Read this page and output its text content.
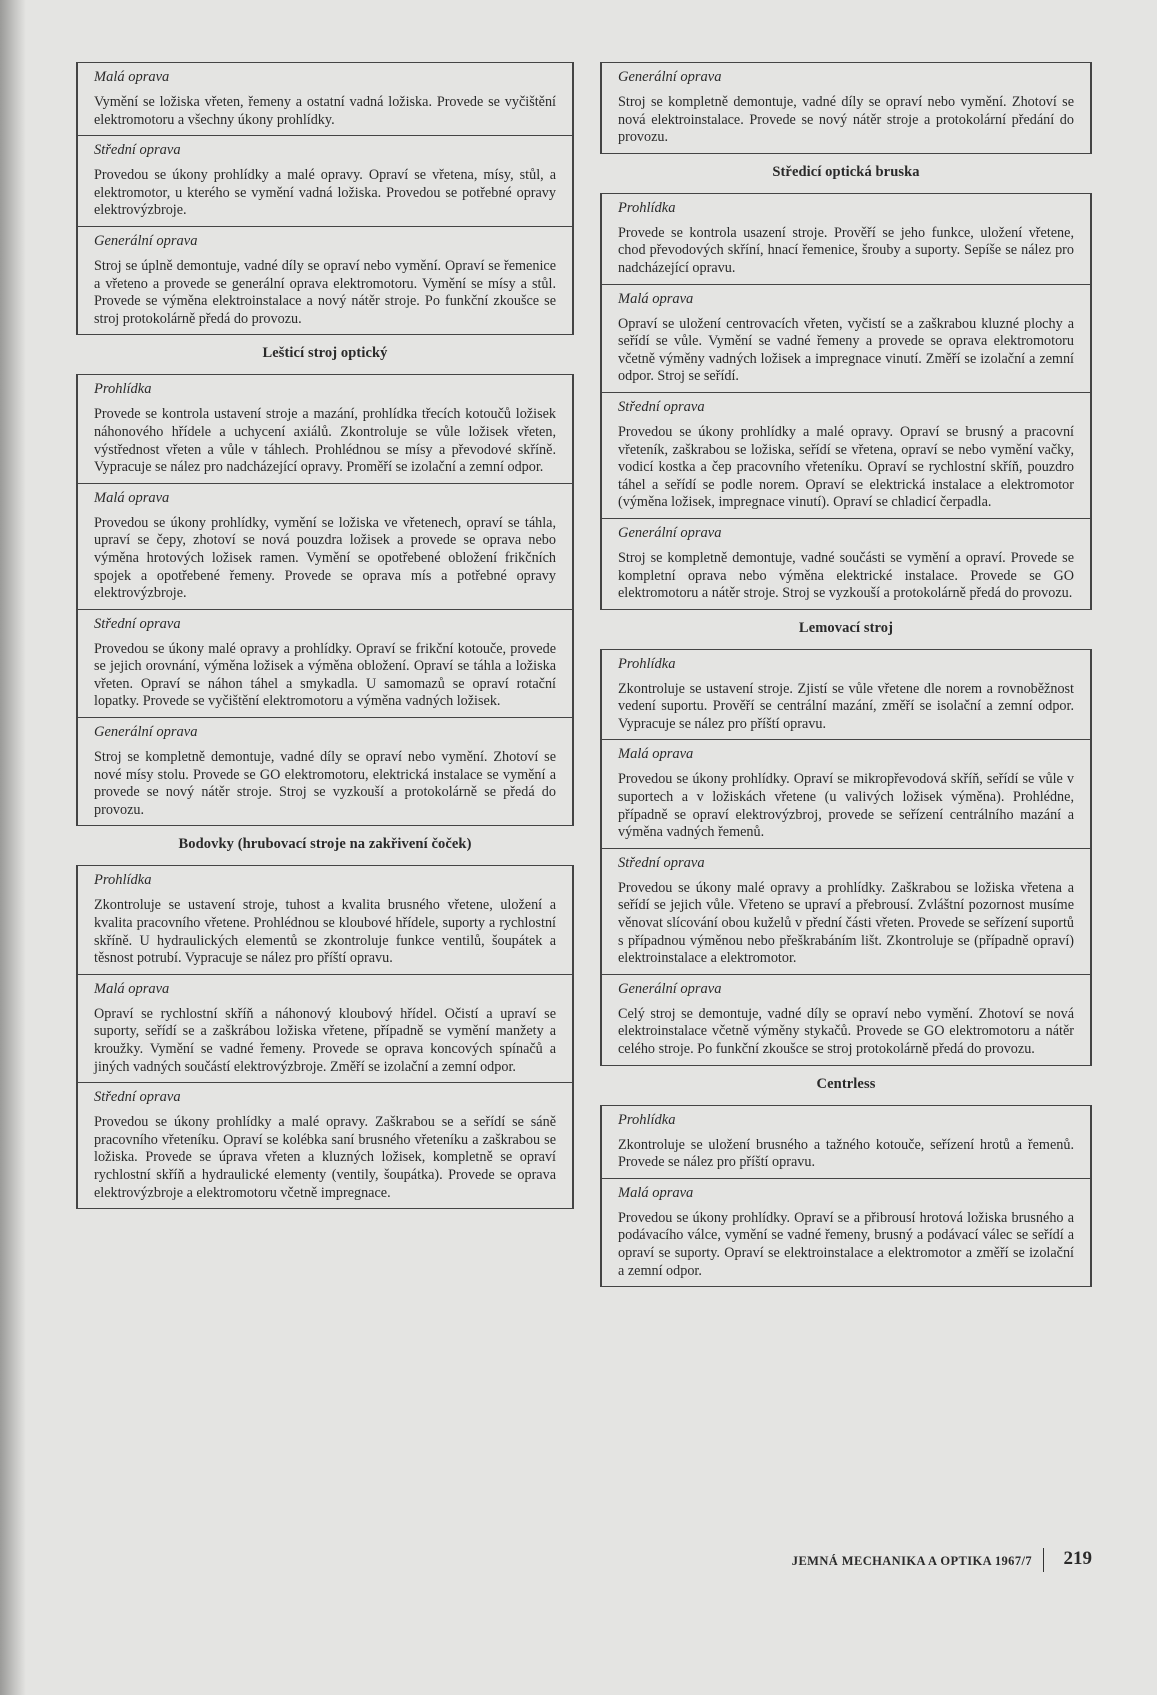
Malá oprava
Vymění se ložiska vřeten, řemeny a ostatní vadná ložiska. Provede se vyčištění elektromotoru a všechny úkony prohlídky.
Střední oprava
Provedou se úkony prohlídky a malé opravy. Opraví se vřetena, mísy, stůl, a elektromotor, u kterého se vymění vadná ložiska. Provedou se potřebné opravy elektrovýzbroje.
Generální oprava
Stroj se úplně demontuje, vadné díly se opraví nebo vymění. Opraví se řemenice a vřeteno a provede se generální oprava elektromotoru. Vymění se mísy a stůl. Provede se výměna elektroinstalace a nový nátěr stroje. Po funkční zkoušce se stroj protokolárně předá do provozu.
Lešticí stroj optický
Prohlídka
Provede se kontrola ustavení stroje a mazání, prohlídka třecích kotoučů ložisek náhonového hřídele a uchycení axiálů. Zkontroluje se vůle ložisek vřeten, výstřednost vřeten a vůle v táhlech. Prohlédnou se mísy a převodové skříně. Vypracuje se nález pro nadcházející opravy. Proměří se izolační a zemní odpor.
Malá oprava
Provedou se úkony prohlídky, vymění se ložiska ve vřetenech, opraví se táhla, upraví se čepy, zhotoví se nová pouzdra ložisek a provede se oprava nebo výměna hrotových ložisek ramen. Vymění se opotřebené obložení frikčních spojek a opotřebené řemeny. Provede se oprava mís a potřebné opravy elektrovýzbroje.
Střední oprava
Provedou se úkony malé opravy a prohlídky. Opraví se frikční kotouče, provede se jejich orovnání, výměna ložisek a výměna obložení. Opraví se táhla a ložiska vřeten. Opraví se náhon táhel a smykadla. U samomazů se opraví rotační lopatky. Provede se vyčištění elektromotoru a výměna vadných ložisek.
Generální oprava
Stroj se kompletně demontuje, vadné díly se opraví nebo vymění. Zhotoví se nové mísy stolu. Provede se GO elektromotoru, elektrická instalace se vymění a provede se nový nátěr stroje. Stroj se vyzkouší a protokolárně se předá do provozu.
Bodovky (hrubovací stroje na zakřivení čoček)
Prohlídka
Zkontroluje se ustavení stroje, tuhost a kvalita brusného vřetene, uložení a kvalita pracovního vřetene. Prohlédnou se kloubové hřídele, suporty a rychlostní skříně. U hydraulických elementů se zkontroluje funkce ventilů, šoupátek a těsnost potrubí. Vypracuje se nález pro příští opravu.
Malá oprava
Opraví se rychlostní skříň a náhonový kloubový hřídel. Očistí a upraví se suporty, seřídí se a zaškrábou ložiska vřetene, případně se vymění manžety a kroužky. Vymění se vadné řemeny. Provede se oprava koncových spínačů a jiných vadných součástí elektrovýzbroje. Změří se izolační a zemní odpor.
Střední oprava
Provedou se úkony prohlídky a malé opravy. Zaškrabou se a seřídí se sáně pracovního vřeteníku. Opraví se kolébka saní brusného vřeteníku a zaškrabou se ložiska. Provede se úprava vřeten a kluzných ložisek, kompletně se opraví rychlostní skříň a hydraulické elementy (ventily, šoupátka). Provede se oprava elektrovýzbroje a elektromotoru včetně impregnace.
Generální oprava
Stroj se kompletně demontuje, vadné díly se opraví nebo vymění. Zhotoví se nová elektroinstalace. Provede se nový nátěr stroje a protokolární předání do provozu.
Středicí optická bruska
Prohlídka
Provede se kontrola usazení stroje. Prověří se jeho funkce, uložení vřetene, chod převodových skříní, hnací řemenice, šrouby a suporty. Sepíše se nález pro nadcházející opravu.
Malá oprava
Opraví se uložení centrovacích vřeten, vyčistí se a zaškrabou kluzné plochy a seřídí se vůle. Vymění se vadné řemeny a provede se oprava elektromotoru včetně výměny vadných ložisek a impregnace vinutí. Změří se izolační a zemní odpor. Stroj se seřídí.
Střední oprava
Provedou se úkony prohlídky a malé opravy. Opraví se brusný a pracovní vřeteník, zaškrabou se ložiska, seřídí se vřetena, opraví se nebo vymění vačky, vodicí kostka a čep pracovního vřeteníku. Opraví se rychlostní skříň, pouzdro táhel a seřídí se podle norem. Opraví se elektrická instalace a elektromotor (výměna ložisek, impregnace vinutí). Opraví se chladicí čerpadla.
Generální oprava
Stroj se kompletně demontuje, vadné součásti se vymění a opraví. Provede se kompletní oprava nebo výměna elektrické instalace. Provede se GO elektromotoru a nátěr stroje. Stroj se vyzkouší a protokolárně předá do provozu.
Lemovací stroj
Prohlídka
Zkontroluje se ustavení stroje. Zjistí se vůle vřetene dle norem a rovnoběžnost vedení suportu. Prověří se centrální mazání, změří se isolační a zemní odpor. Vypracuje se nález pro příští opravu.
Malá oprava
Provedou se úkony prohlídky. Opraví se mikropřevodová skříň, seřídí se vůle v suportech a v ložiskách vřetene (u valivých ložisek výměna). Prohlédne, případně se opraví elektrovýzbroj, provede se seřízení centrálního mazání a výměna vadných řemenů.
Střední oprava
Provedou se úkony malé opravy a prohlídky. Zaškrabou se ložiska vřetena a seřídí se jejich vůle. Vřeteno se upraví a přebrousí. Zvláštní pozornost musíme věnovat slícování obou kuželů v přední části vřeten. Provede se seřízení suportů s případnou výměnou nebo přeškrabáním lišt. Zkontroluje se (případně opraví) elektroinstalace a elektromotor.
Generální oprava
Celý stroj se demontuje, vadné díly se opraví nebo vymění. Zhotoví se nová elektroinstalace včetně výměny stykačů. Provede se GO elektromotoru a nátěr celého stroje. Po funkční zkoušce se stroj protokolárně předá do provozu.
Centrless
Prohlídka
Zkontroluje se uložení brusného a tažného kotouče, seřízení hrotů a řemenů. Provede se nález pro příští opravu.
Malá oprava
Provedou se úkony prohlídky. Opraví se a přibrousí hrotová ložiska brusného a podávacího válce, vymění se vadné řemeny, brusný a podávací válec se seřídí a opraví se suporty. Opraví se elektroinstalace a elektromotor a změří se izolační a zemní odpor.
JEMNÁ MECHANIKA A OPTIKA 1967/7 219
